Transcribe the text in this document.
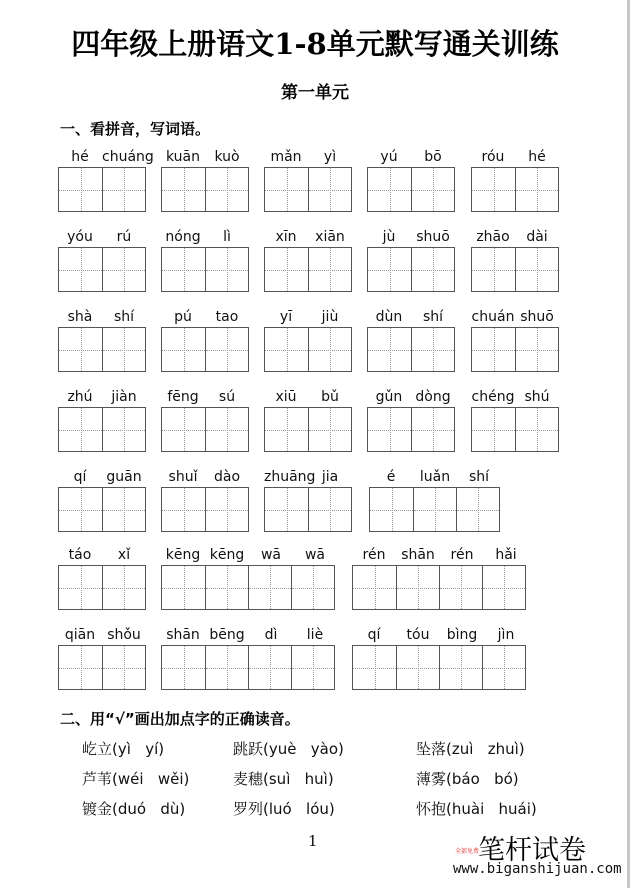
四年级上册语文1-8单元默写通关训练
第一单元
一、看拼音，写词语。
hé chuáng kuān	kuò	mǎn	yì	yú	bō	róu	hé
yóu	rú	nóng	lì	xīn	xiān	jù	shuō	zhāo	dài
shà	shí	pú	tao	yī	jiù	dùn	shí	chuán shuō
zhú	jiàn	fēng	sú	xiū	bǔ	gǔn dòng	chéng shú
qí	guān	shuǐ	dào	zhuāng jia	é	luǎn	shí
táo	xǐ	kēng kēng	wā	wā	rén	shān	rén	hǎi
qiān shǒu	shān bēng	dì	liè	qí	tóu	bìng	jìn
二、用“√”画出加点字的正确读音。
屹立(yì   yí)	跳跃(yuè   yào)	坠落(zuì   zhuì)
芦苇(wéi   wěi)	麦穗(suì   huì)	薄雾(báo   bó)
镀金(duó   dù)	罗列(luó   lóu)	怀抱(huài   huái)
1
全部免费
笔杆试卷
www.biganshijuan.com
